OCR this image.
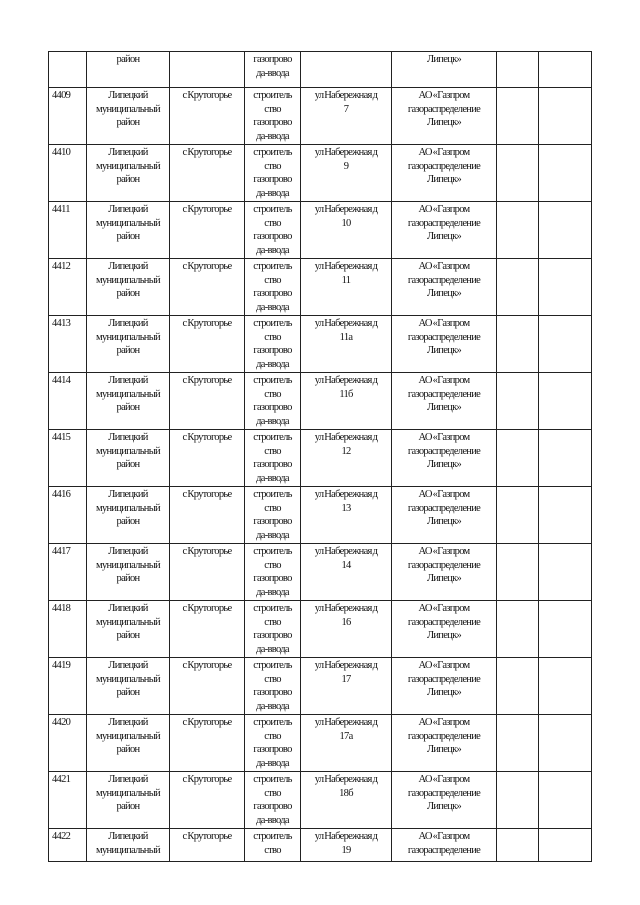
	район		газопрово
да-ввода		Липецк»		

4409	Липецкий
муниципальный
район	с Крутогорье	строитель
ство
газопрово
да-ввода	ул Набережная д
7	АО «Газпром
газораспределение
Липецк»		

4410	Липецкий
муниципальный
район	с Крутогорье	строитель
ство
газопрово
да-ввода	ул Набережная д
9	АО «Газпром
газораспределение
Липецк»		

4411	Липецкий
муниципальный
район	с Крутогорье	строитель
ство
газопрово
да-ввода	ул Набережная д
10	АО «Газпром
газораспределение
Липецк»		

4412	Липецкий
муниципальный
район	с Крутогорье	строитель
ство
газопрово
да-ввода	ул Набережная д
11	АО «Газпром
газораспределение
Липецк»		

4413	Липецкий
муниципальный
район	с Крутогорье	строитель
ство
газопрово
да-ввода	ул Набережная д
11а	АО «Газпром
газораспределение
Липецк»		

4414	Липецкий
муниципальный
район	с Крутогорье	строитель
ство
газопрово
да-ввода	ул Набережная д
11б	АО «Газпром
газораспределение
Липецк»		

4415	Липецкий
муниципальный
район	с Крутогорье	строитель
ство
газопрово
да-ввода	ул Набережная д
12	АО «Газпром
газораспределение
Липецк»		

4416	Липецкий
муниципальный
район	с Крутогорье	строитель
ство
газопрово
да-ввода	ул Набережная д
13	АО «Газпром
газораспределение
Липецк»		

4417	Липецкий
муниципальный
район	с Крутогорье	строитель
ство
газопрово
да-ввода	ул Набережная д
14	АО «Газпром
газораспределение
Липецк»		

4418	Липецкий
муниципальный
район	с Крутогорье	строитель
ство
газопрово
да-ввода	ул Набережная д
16	АО «Газпром
газораспределение
Липецк»		

4419	Липецкий
муниципальный
район	с Крутогорье	строитель
ство
газопрово
да-ввода	ул Набережная д
17	АО «Газпром
газораспределение
Липецк»		

4420	Липецкий
муниципальный
район	с Крутогорье	строитель
ство
газопрово
да-ввода	ул Набережная д
17а	АО «Газпром
газораспределение
Липецк»		

4421	Липецкий
муниципальный
район	с Крутогорье	строитель
ство
газопрово
да-ввода	ул Набережная д
18б	АО «Газпром
газораспределение
Липецк»		

4422	Липецкий
муниципальный	с Крутогорье	строитель
ство	ул Набережная д
19	АО «Газпром
газораспределение		
